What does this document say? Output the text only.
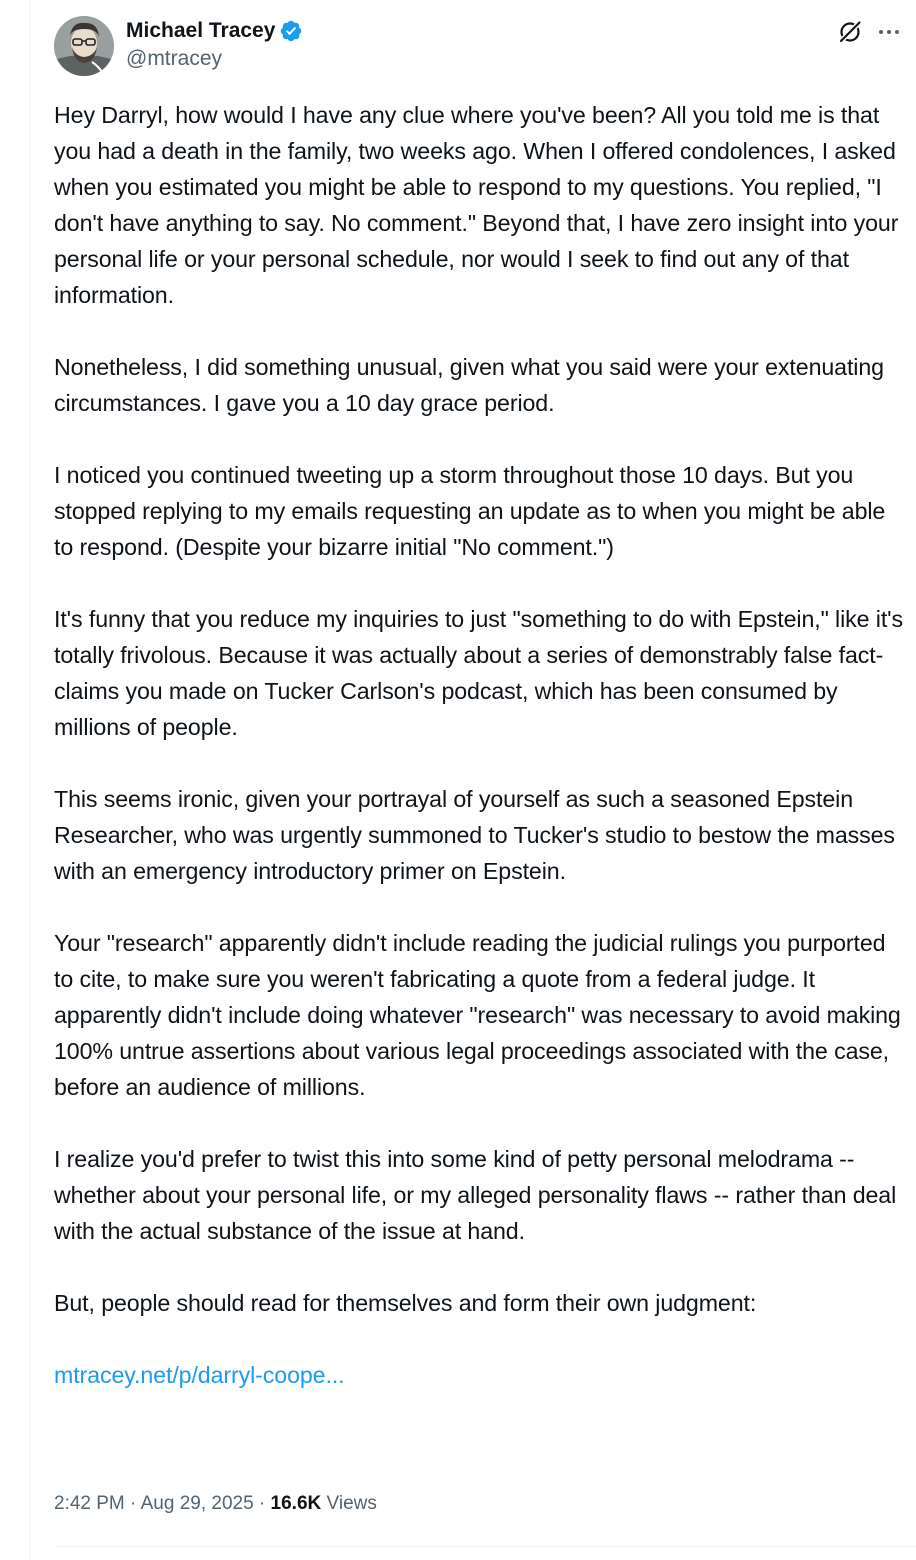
Michael Tracey
@mtracey

Hey Darryl, how would I have any clue where you've been? All you told me is that you had a death in the family, two weeks ago. When I offered condolences, I asked when you estimated you might be able to respond to my questions. You replied, "I don't have anything to say. No comment." Beyond that, I have zero insight into your personal life or your personal schedule, nor would I seek to find out any of that information.

Nonetheless, I did something unusual, given what you said were your extenuating circumstances. I gave you a 10 day grace period.

I noticed you continued tweeting up a storm throughout those 10 days. But you stopped replying to my emails requesting an update as to when you might be able to respond. (Despite your bizarre initial "No comment.")

It's funny that you reduce my inquiries to just "something to do with Epstein," like it's totally frivolous. Because it was actually about a series of demonstrably false fact-claims you made on Tucker Carlson's podcast, which has been consumed by millions of people.

This seems ironic, given your portrayal of yourself as such a seasoned Epstein Researcher, who was urgently summoned to Tucker's studio to bestow the masses with an emergency introductory primer on Epstein.

Your "research" apparently didn't include reading the judicial rulings you purported to cite, to make sure you weren't fabricating a quote from a federal judge. It apparently didn't include doing whatever "research" was necessary to avoid making 100% untrue assertions about various legal proceedings associated with the case, before an audience of millions.

I realize you'd prefer to twist this into some kind of petty personal melodrama -- whether about your personal life, or my alleged personality flaws -- rather than deal with the actual substance of the issue at hand.

But, people should read for themselves and form their own judgment:

mtracey.net/p/darryl-coope...

2:42 PM · Aug 29, 2025 · 16.6K Views
